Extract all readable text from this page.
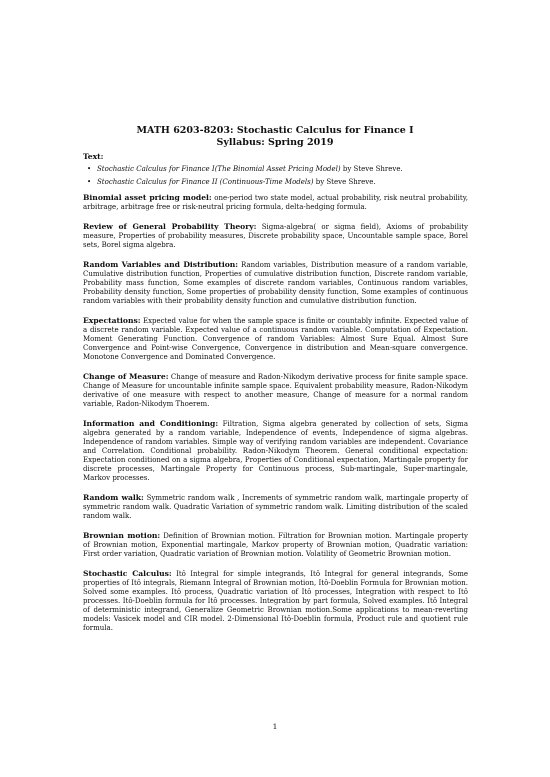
MATH 6203-8203: Stochastic Calculus for Finance I
Syllabus: Spring 2019
Text:
• Stochastic Calculus for Finance I(The Binomial Asset Pricing Model) by Steve Shreve.
• Stochastic Calculus for Finance II (Continuous-Time Models) by Steve Shreve.

Binomial asset pricing model: one-period two state model, actual probability, risk neutral probability, arbitrage, arbitrage free or risk-neutral pricing formula, delta-hedging formula.

Review of General Probability Theory: Sigma-algebra( or sigma field), Axioms of probability measure, Properties of probability measures, Discrete probability space, Uncountable sample space, Borel sets, Borel sigma algebra.

Random Variables and Distribution: Random variables, Distribution measure of a random variable, Cumulative distribution function, Properties of cumulative distribution function, Discrete random variable, Probability mass function, Some examples of discrete random variables, Continuous random variables, Probability density function, Some properties of probability density function, Some examples of continuous random variables with their probability density function and cumulative distribution function.

Expectations: Expected value for when the sample space is finite or countably infinite. Expected value of a discrete random variable. Expected value of a continuous random variable. Computation of Expectation. Moment Generating Function. Convergence of random Variables: Almost Sure Equal. Almost Sure Convergence and Point-wise Convergence, Convergence in distribution and Mean-square convergence. Monotone Convergence and Dominated Convergence.

Change of Measure: Change of measure and Radon-Nikodym derivative process for finite sample space. Change of Measure for uncountable infinite sample space. Equivalent probability measure, Radon-Nikodym derivative of one measure with respect to another measure, Change of measure for a normal random variable, Radon-Nikodym Thoerem.

Information and Conditioning: Filtration, Sigma algebra generated by collection of sets, Sigma algebra generated by a random variable, Independence of events, Independence of sigma algebras. Independence of random variables. Simple way of verifying random variables are independent. Covariance and Correlation. Conditional probability. Radon-Nikodym Theorem. General conditional expectation: Expectation conditioned on a sigma algebra, Properties of Conditional expectation, Martingale property for discrete processes, Martingale Property for Continuous process, Sub-martingale, Super-martingale, Markov processes.

Random walk: Symmetric random walk , Increments of symmetric random walk, martingale property of symmetric random walk. Quadratic Variation of symmetric random walk. Limiting distribution of the scaled random walk.

Brownian motion: Definition of Brownian motion. Filtration for Brownian motion. Martingale property of Brownian motion, Exponential martingale, Markov property of Brownian motion, Quadratic variation: First order variation, Quadratic variation of Brownian motion. Volatility of Geometric Brownian motion.

Stochastic Calculus: Itô Integral for simple integrands, Itô Integral for general integrands, Some properties of Itô integrals, Riemann Integral of Brownian motion, Itô-Doeblin Formula for Brownian motion. Solved some examples. Itô process, Quadratic variation of Itô processes, Integration with respect to Itô processes. Itô-Doeblin formula for Itô processes. Integration by part formula, Solved examples. Itô Integral of deterministic integrand, Generalize Geometric Brownian motion.Some applications to mean-reverting models: Vasicek model and CIR model. 2-Dimensional Itô-Doeblin formula, Product rule and quotient rule formula.

1
